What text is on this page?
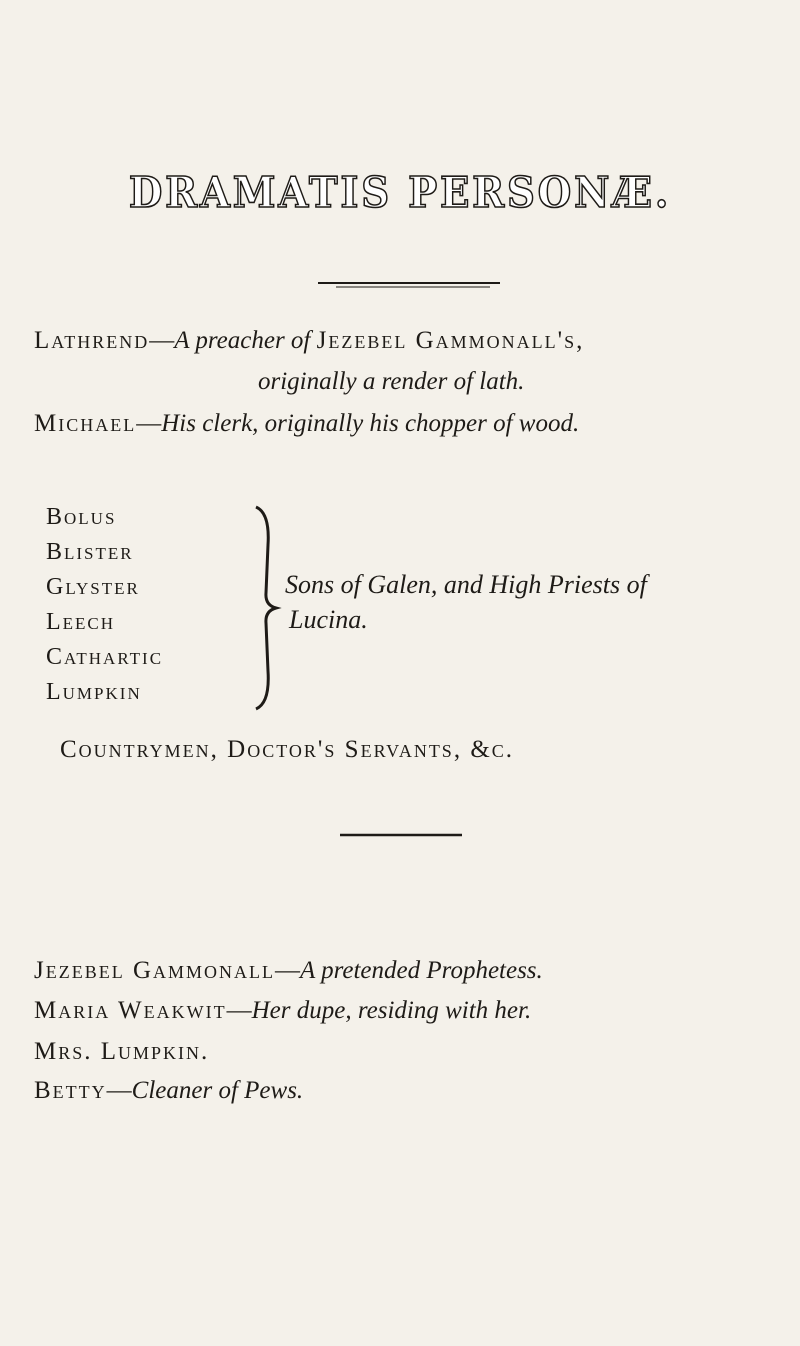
DRAMATIS PERSONÆ.
Lathrend—A preacher of Jezebel Gammonall's,
originally a render of lath.
Michael—His clerk, originally his chopper of wood.
Bolus
Blister
Glyster
Leech
Cathartic
Lumpkin
Sons of Galen, and High Priests of
Lucina.
Countrymen, Doctor's Servants, &c.
Jezebel Gammonall—A pretended Prophetess.
Maria Weakwit—Her dupe, residing with her.
Mrs. Lumpkin.
Betty—Cleaner of Pews.
